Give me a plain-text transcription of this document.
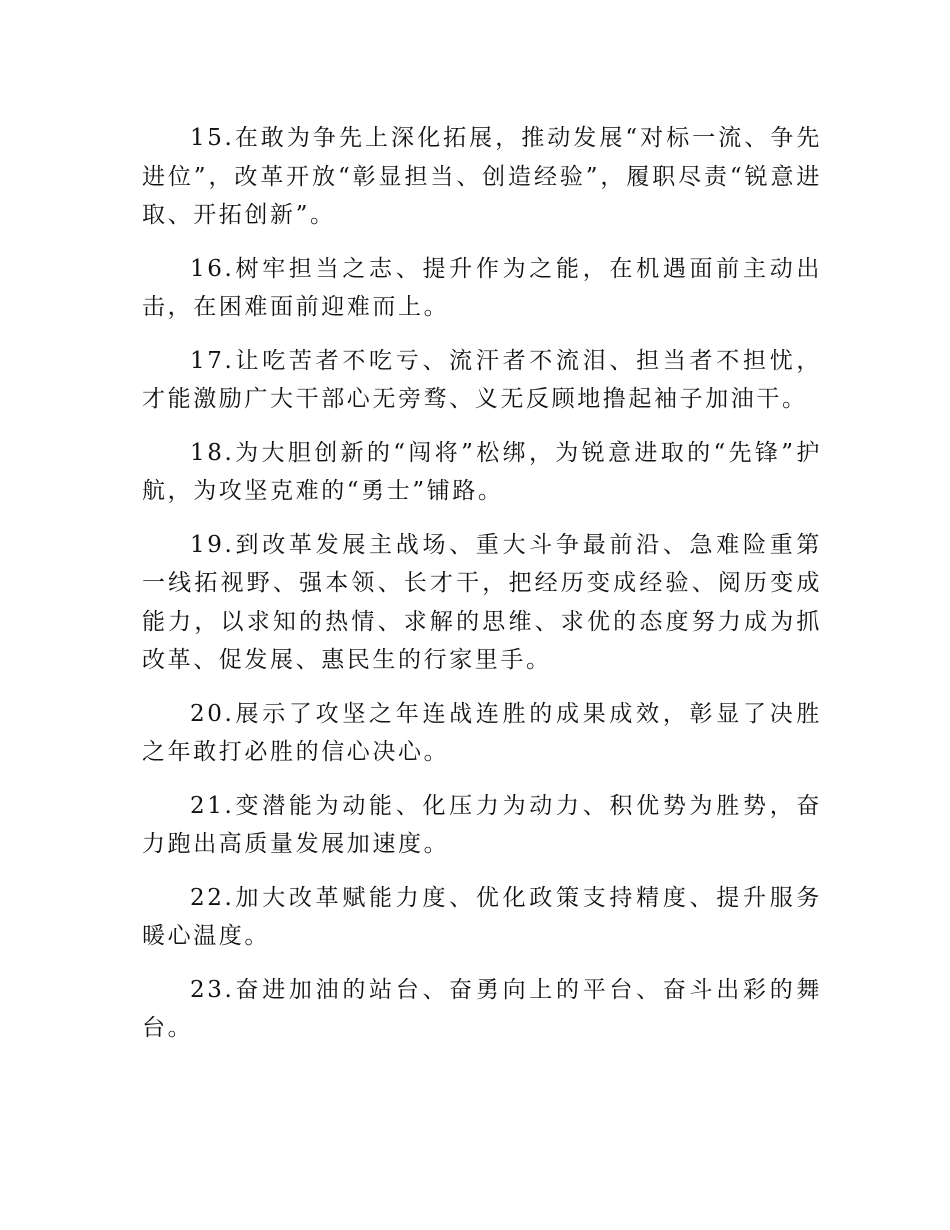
15.在敢为争先上深化拓展，推动发展“对标一流、争先进位”，改革开放“彰显担当、创造经验”，履职尽责“锐意进取、开拓创新”。

16.树牢担当之志、提升作为之能，在机遇面前主动出击，在困难面前迎难而上。

17.让吃苦者不吃亏、流汗者不流泪、担当者不担忧，才能激励广大干部心无旁骛、义无反顾地撸起袖子加油干。

18.为大胆创新的“闯将”松绑，为锐意进取的“先锋”护航，为攻坚克难的“勇士”铺路。

19.到改革发展主战场、重大斗争最前沿、急难险重第一线拓视野、强本领、长才干，把经历变成经验、阅历变成能力，以求知的热情、求解的思维、求优的态度努力成为抓改革、促发展、惠民生的行家里手。

20.展示了攻坚之年连战连胜的成果成效，彰显了决胜之年敢打必胜的信心决心。

21.变潜能为动能、化压力为动力、积优势为胜势，奋力跑出高质量发展加速度。

22.加大改革赋能力度、优化政策支持精度、提升服务暖心温度。

23.奋进加油的站台、奋勇向上的平台、奋斗出彩的舞台。
